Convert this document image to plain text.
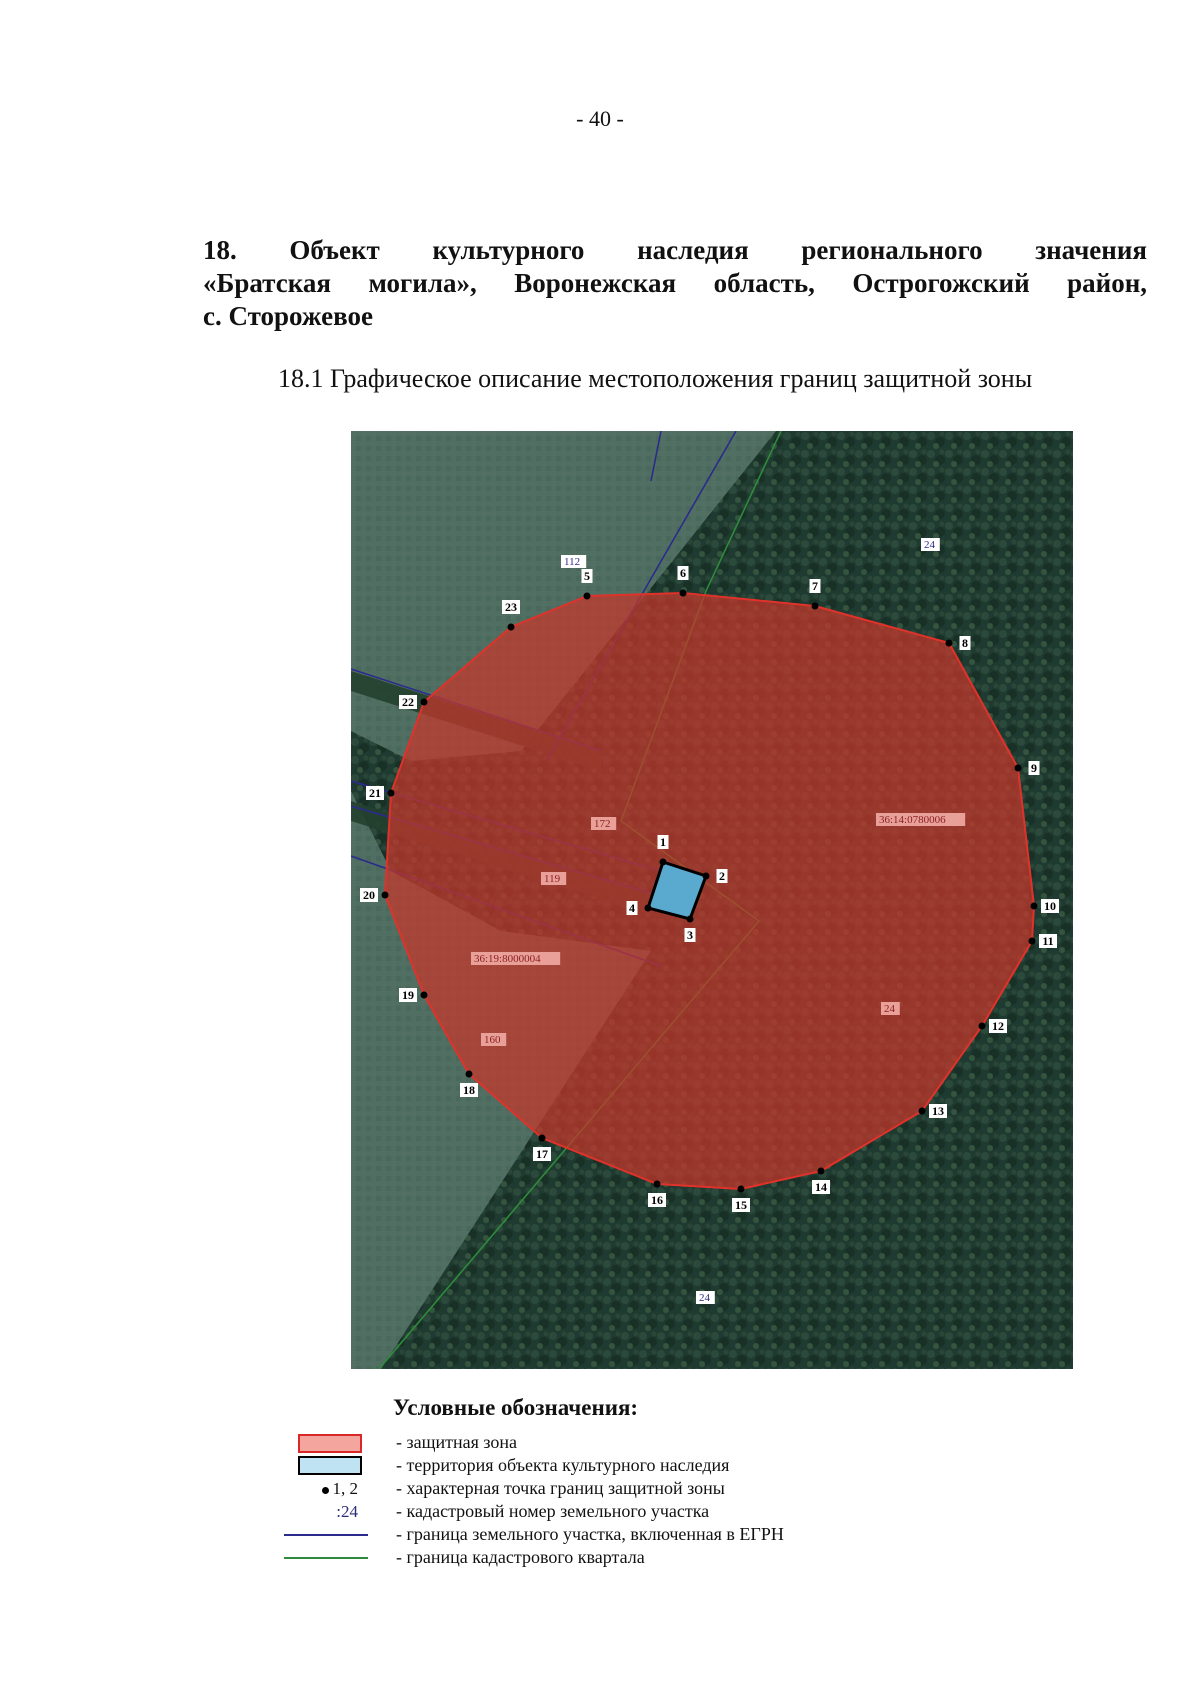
- 40 -
18. Объект культурного наследия регионального значения
«Братская могила», Воронежская область, Острогожский район,
с. Сторожевое
18.1 Графическое описание местоположения границ защитной зоны
1
2
3
4
5	6
7
8
9
10
11
12
13
14
15
16
17
18
19
20
21
22
23
112
24
172
119
36:14:0780006
36:19:8000004
24
160
24
Условные обозначения:
- защитная зона
- территория объекта культурного наследия
1, 2 - характерная точка границ защитной зоны
:24 - кадастровый номер земельного участка
- граница земельного участка, включенная в ЕГРН
- граница кадастрового квартала
